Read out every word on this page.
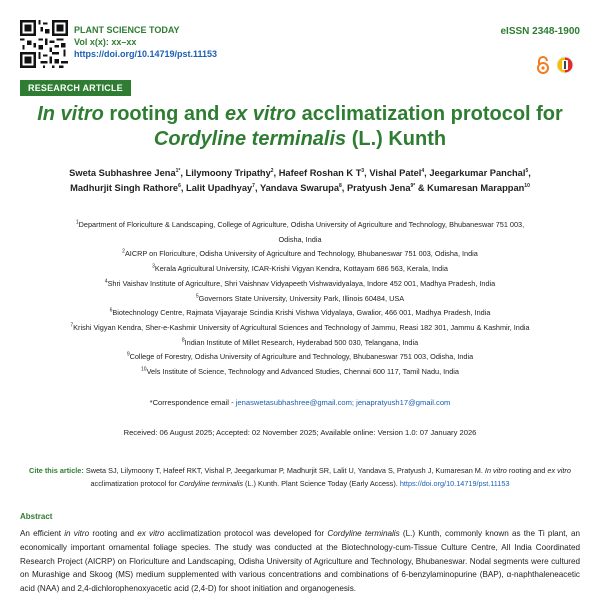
PLANT SCIENCE TODAY
Vol x(x): xx–xx
https://doi.org/10.14719/pst.11153
eISSN 2348-1900
RESEARCH ARTICLE
In vitro rooting and ex vitro acclimatization protocol for
Cordyline terminalis (L.) Kunth
Sweta Subhashree Jena$^{1*}$, Lilymoony Tripathy$^2$, Hafeef Roshan K $T^3$, Vishal Patel$^4$, Jeegarkumar Panchal$^5$,
Madhurjit Singh Rathore$^6$, Lalit Upadhyay$^7$, Yandava Swarupa$^8$, Pratyush Jena$^{9*}$ & Kumaresan Marappan$^{10}$
$^1$Department of Floriculture & Landscaping, College of Agriculture, Odisha University of Agriculture and Technology, Bhubaneswar 751 003,
Odisha, India
$^2$AICRP on Floriculture, Odisha University of Agriculture and Technology, Bhubaneswar 751 003, Odisha, India
$^3$Kerala Agricultural University, ICAR-Krishi Vigyan Kendra, Kottayam 686 563, Kerala, India
$^4$Shri Vaishav Institute of Agriculture, Shri Vaishnav Vidyapeeth Vishwavidyalaya, Indore 452 001, Madhya Pradesh, India
$^5$Governors State University, University Park, Illinois 60484, USA
$^6$Biotechnology Centre, Rajmata Vijayaraje Scindia Krishi Vishwa Vidyalaya, Gwalior, 466 001, Madhya Pradesh, India
$^7$Krishi Vigyan Kendra, Sher-e-Kashmir University of Agricultural Sciences and Technology of Jammu, Reasi 182 301, Jammu & Kashmir, India
$^8$Indian Institute of Millet Research, Hyderabad 500 030, Telangana, India
$^9$College of Forestry, Odisha University of Agriculture and Technology, Bhubaneswar 751 003, Odisha, India
$^{10}$Vels Institute of Science, Technology and Advanced Studies, Chennai 600 117, Tamil Nadu, India
*Correspondence email - jenaswetasubhashree@gmail.com; jenapratyush17@gmail.com
Received: 06 August 2025; Accepted: 02 November 2025; Available online: Version 1.0: 07 January 2026
Cite this article: Sweta SJ, Lilymoony T, Hafeef RKT, Vishal P, Jeegarkumar P, Madhurjit SR, Lalit U, Yandava S, Pratyush J, Kumaresan M. In vitro rooting and ex vitro acclimatization protocol for Cordyline terminalis (L.) Kunth. Plant Science Today (Early Access). https://doi.org/10.14719/pst.11153
Abstract
An efficient in vitro rooting and ex vitro acclimatization protocol was developed for Cordyline terminalis (L.) Kunth, commonly known as the Ti plant, an economically important ornamental foliage species. The study was conducted at the Biotechnology-cum-Tissue Culture Centre, All India Coordinated Research Project (AICRP) on Floriculture and Landscaping, Odisha University of Agriculture and Technology, Bhubaneswar. Nodal segments were cultured on Murashige and Skoog (MS) medium supplemented with various concentrations and combinations of 6-benzylaminopurine (BAP), α-naphthaleneacetic acid (NAA) and 2,4-dichlorophenoxyacetic acid (2,4-D) for shoot initiation and organogenesis.
